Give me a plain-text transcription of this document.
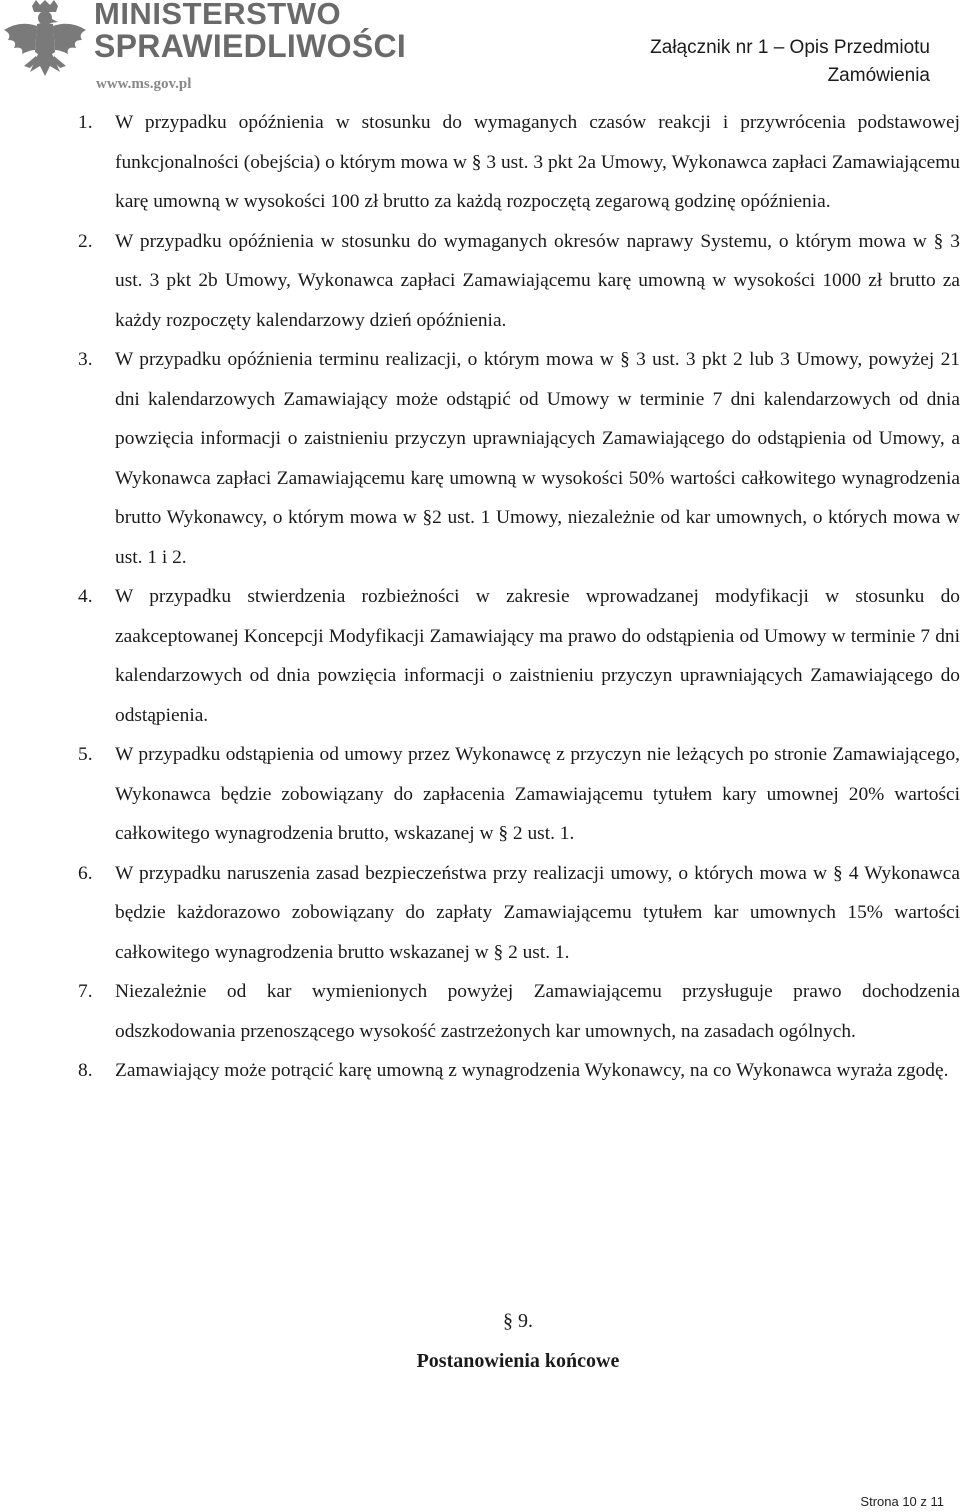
MINISTERSTWO
SPRAWIEDLIWOŚCI
www.ms.gov.pl
Załącznik nr 1 – Opis Przedmiotu
Zamówienia
1. W przypadku opóźnienia w stosunku do wymaganych czasów reakcji i przywrócenia podstawowej funkcjonalności (obejścia) o którym mowa w § 3 ust. 3 pkt 2a Umowy, Wykonawca zapłaci Zamawiającemu karę umowną w wysokości 100 zł brutto za każdą rozpoczętą zegarową godzinę opóźnienia.
2. W przypadku opóźnienia w stosunku do wymaganych okresów naprawy Systemu, o którym mowa w § 3 ust. 3 pkt 2b Umowy, Wykonawca zapłaci Zamawiającemu karę umowną w wysokości 1000 zł brutto za każdy rozpoczęty kalendarzowy dzień opóźnienia.
3. W przypadku opóźnienia terminu realizacji, o którym mowa w § 3 ust. 3 pkt 2 lub 3 Umowy, powyżej 21 dni kalendarzowych Zamawiający może odstąpić od Umowy w terminie 7 dni kalendarzowych od dnia powzięcia informacji o zaistnieniu przyczyn uprawniających Zamawiającego do odstąpienia od Umowy, a Wykonawca zapłaci Zamawiającemu karę umowną w wysokości 50% wartości całkowitego wynagrodzenia brutto Wykonawcy, o którym mowa w §2 ust. 1 Umowy, niezależnie od kar umownych, o których mowa w ust. 1 i 2.
4. W przypadku stwierdzenia rozbieżności w zakresie wprowadzanej modyfikacji w stosunku do zaakceptowanej Koncepcji Modyfikacji Zamawiający ma prawo do odstąpienia od Umowy w terminie 7 dni kalendarzowych od dnia powzięcia informacji o zaistnieniu przyczyn uprawniających Zamawiającego do odstąpienia.
5. W przypadku odstąpienia od umowy przez Wykonawcę z przyczyn nie leżących po stronie Zamawiającego, Wykonawca będzie zobowiązany do zapłacenia Zamawiającemu tytułem kary umownej 20% wartości całkowitego wynagrodzenia brutto, wskazanej w § 2 ust. 1.
6. W przypadku naruszenia zasad bezpieczeństwa przy realizacji umowy, o których mowa w § 4 Wykonawca będzie każdorazowo zobowiązany do zapłaty Zamawiającemu tytułem kar umownych 15% wartości całkowitego wynagrodzenia brutto wskazanej w § 2 ust. 1.
7. Niezależnie od kar wymienionych powyżej Zamawiającemu przysługuje prawo dochodzenia odszkodowania przenoszącego wysokość zastrzeżonych kar umownych, na zasadach ogólnych.
8. Zamawiający może potrącić karę umowną z wynagrodzenia Wykonawcy, na co Wykonawca wyraża zgodę.
§ 9.
Postanowienia końcowe
Strona 10 z 11
